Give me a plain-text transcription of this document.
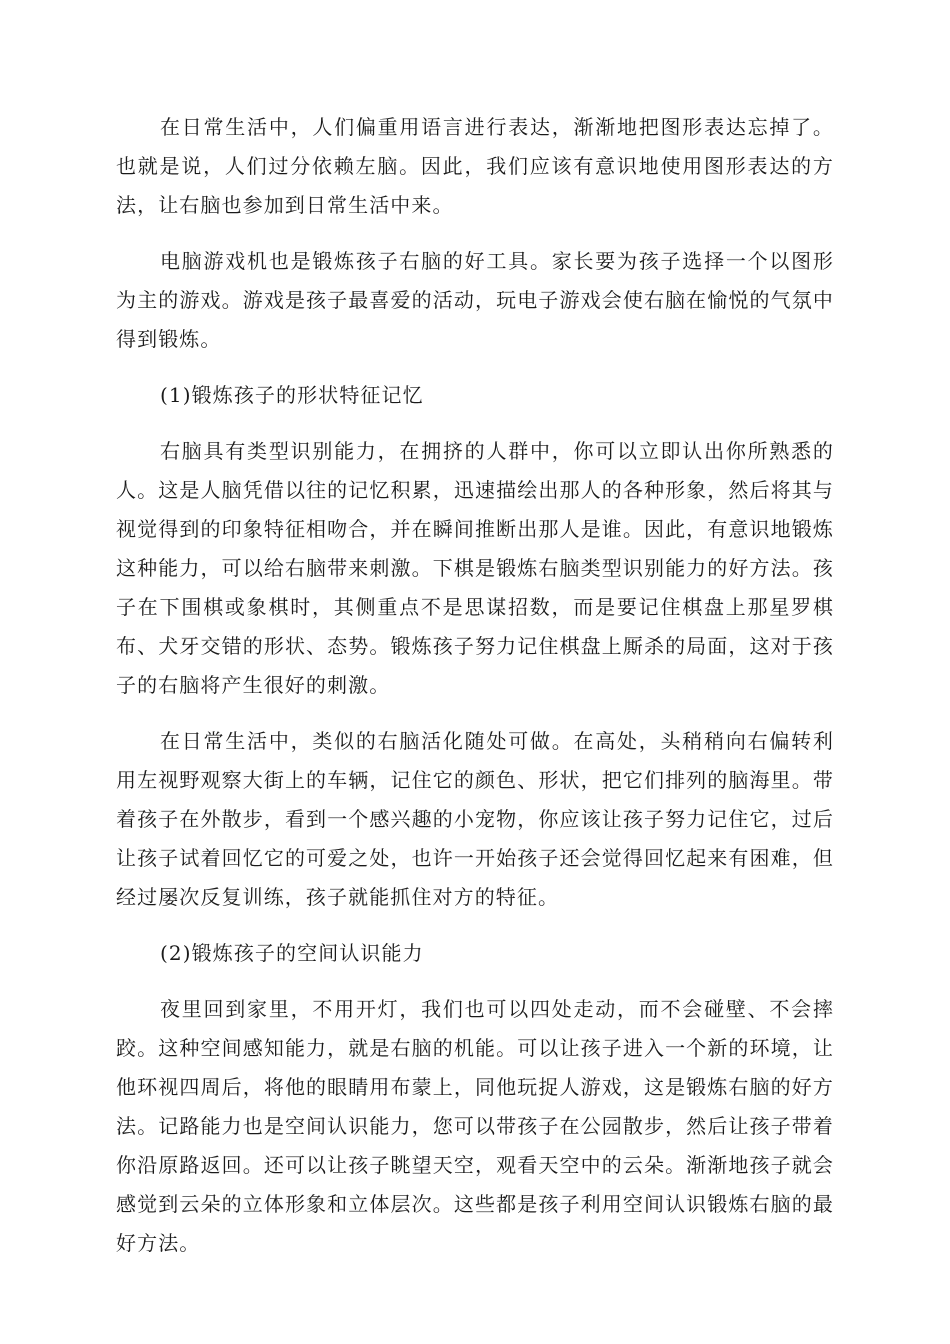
在日常生活中，人们偏重用语言进行表达，渐渐地把图形表达忘掉了。也就是说，人们过分依赖左脑。因此，我们应该有意识地使用图形表达的方法，让右脑也参加到日常生活中来。

电脑游戏机也是锻炼孩子右脑的好工具。家长要为孩子选择一个以图形为主的游戏。游戏是孩子最喜爱的活动，玩电子游戏会使右脑在愉悦的气氛中得到锻炼。

(1)锻炼孩子的形状特征记忆

右脑具有类型识别能力，在拥挤的人群中，你可以立即认出你所熟悉的人。这是人脑凭借以往的记忆积累，迅速描绘出那人的各种形象，然后将其与视觉得到的印象特征相吻合，并在瞬间推断出那人是谁。因此，有意识地锻炼这种能力，可以给右脑带来刺激。下棋是锻炼右脑类型识别能力的好方法。孩子在下围棋或象棋时，其侧重点不是思谋招数，而是要记住棋盘上那星罗棋布、犬牙交错的形状、态势。锻炼孩子努力记住棋盘上厮杀的局面，这对于孩子的右脑将产生很好的刺激。

在日常生活中，类似的右脑活化随处可做。在高处，头稍稍向右偏转利用左视野观察大街上的车辆，记住它的颜色、形状，把它们排列的脑海里。带着孩子在外散步，看到一个感兴趣的小宠物，你应该让孩子努力记住它，过后让孩子试着回忆它的可爱之处，也许一开始孩子还会觉得回忆起来有困难，但经过屡次反复训练，孩子就能抓住对方的特征。

(2)锻炼孩子的空间认识能力

夜里回到家里，不用开灯，我们也可以四处走动，而不会碰壁、不会摔跤。这种空间感知能力，就是右脑的机能。可以让孩子进入一个新的环境，让他环视四周后，将他的眼睛用布蒙上，同他玩捉人游戏，这是锻炼右脑的好方法。记路能力也是空间认识能力，您可以带孩子在公园散步，然后让孩子带着你沿原路返回。还可以让孩子眺望天空，观看天空中的云朵。渐渐地孩子就会感觉到云朵的立体形象和立体层次。这些都是孩子利用空间认识锻炼右脑的最好方法。
